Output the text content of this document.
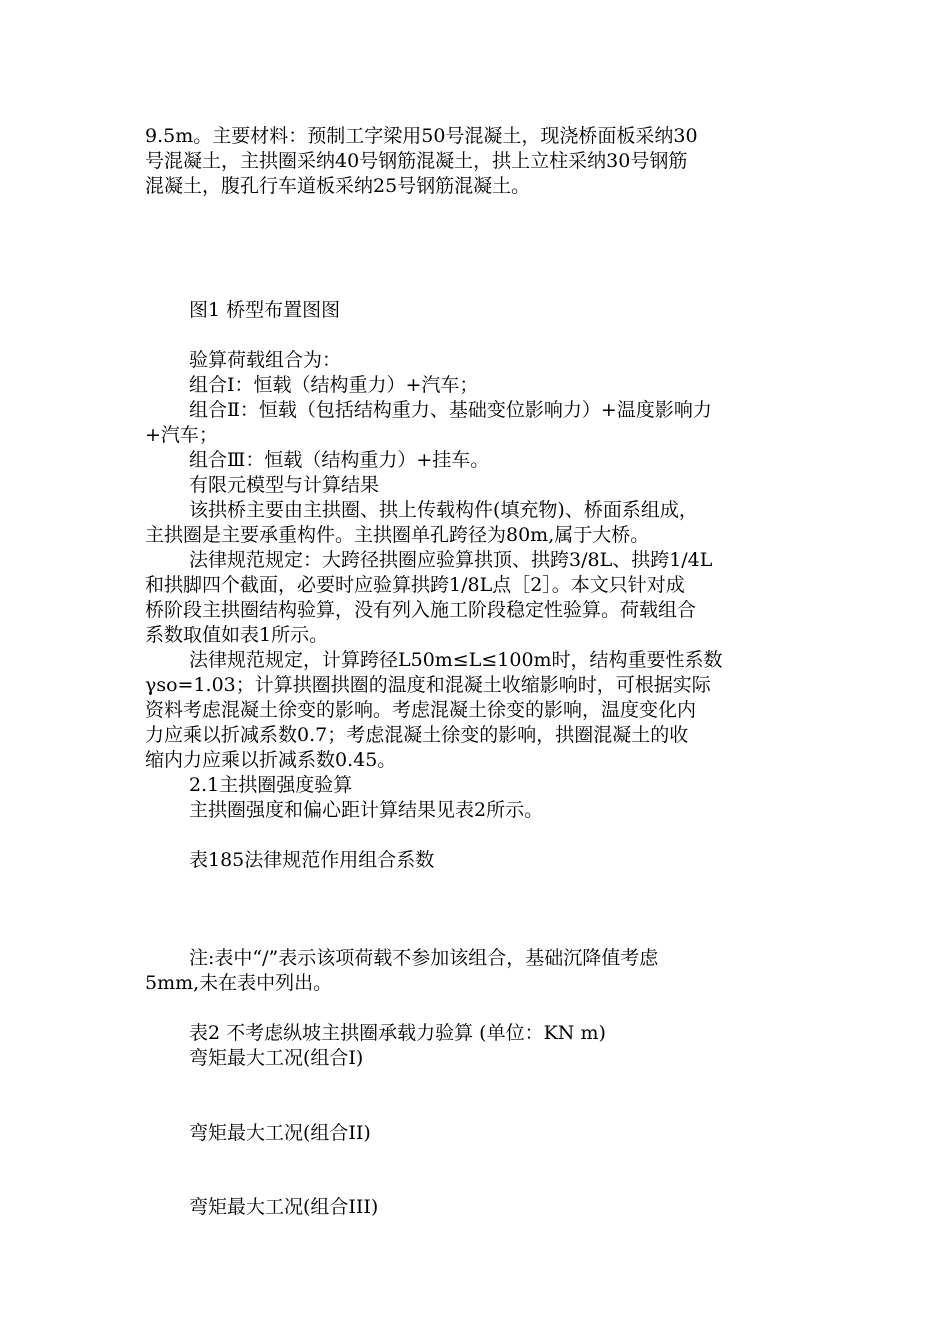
9.5m。主要材料：预制工字梁用50号混凝土，现浇桥面板采纳30
号混凝土，主拱圈采纳40号钢筋混凝土，拱上立柱采纳30号钢筋
混凝土，腹孔行车道板采纳25号钢筋混凝土。
图1 桥型布置图图
验算荷载组合为：
组合Ⅰ：恒载（结构重力）+汽车；
组合Ⅱ：恒载（包括结构重力、基础变位影响力）+温度影响力
+汽车；
组合Ⅲ：恒载（结构重力）+挂车。
有限元模型与计算结果
该拱桥主要由主拱圈、拱上传载构件(填充物)、桥面系组成，
主拱圈是主要承重构件。主拱圈单孔跨径为80m,属于大桥。
法律规范规定：大跨径拱圈应验算拱顶、拱跨3/8L、拱跨1/4L
和拱脚四个截面，必要时应验算拱跨1/8L点［2］。本文只针对成
桥阶段主拱圈结构验算，没有列入施工阶段稳定性验算。荷载组合
系数取值如表1所示。
法律规范规定，计算跨径L50m≤L≤100m时，结构重要性系数
γso=1.03；计算拱圈拱圈的温度和混凝土收缩影响时，可根据实际
资料考虑混凝土徐变的影响。考虑混凝土徐变的影响，温度变化内
力应乘以折减系数0.7；考虑混凝土徐变的影响，拱圈混凝土的收
缩内力应乘以折减系数0.45。
2.1主拱圈强度验算
主拱圈强度和偏心距计算结果见表2所示。
表185法律规范作用组合系数
注:表中“/”表示该项荷载不参加该组合，基础沉降值考虑
5mm,未在表中列出。
表2 不考虑纵坡主拱圈承载力验算 (单位：KN m)
弯矩最大工况(组合I)
弯矩最大工况(组合II)
弯矩最大工况(组合III)
